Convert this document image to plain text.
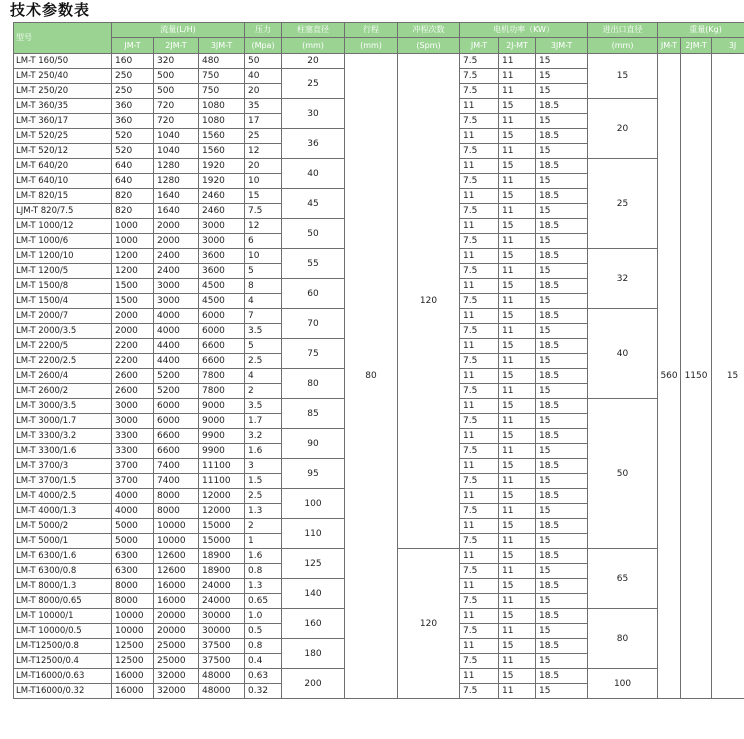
技术参数表
型号	流量(L/H)			压力	柱塞直径	行程	冲程次数	电机功率（KW）			进出口直径	重量(Kg)		
	JM-T	2JM-T	3JM-T	(Mpa)	(mm)	(mm)	(Spm)	JM-T	2J-MT	3JM-T	(mm)	JM-T	2JM-T	3J
LM-T 160/50	160	320	480	50	20	80	120	7.5	11	15	15	560	1150	15
LM-T 250/40	250	500	750	40	25			7.5	11	15				
LM-T 250/20	250	500	750	20				7.5	11	15				
LM-T 360/35	360	720	1080	35	30			11	15	18.5	20			
LM-T 360/17	360	720	1080	17				7.5	11	15				
LM-T 520/25	520	1040	1560	25	36			11	15	18.5				
LM-T 520/12	520	1040	1560	12				7.5	11	15				
LM-T 640/20	640	1280	1920	20	40			11	15	18.5	25			
LM-T 640/10	640	1280	1920	10				7.5	11	15				
LM-T 820/15	820	1640	2460	15	45			11	15	18.5				
LJM-T 820/7.5	820	1640	2460	7.5				7.5	11	15				
LM-T 1000/12	1000	2000	3000	12	50			11	15	18.5				
LM-T 1000/6	1000	2000	3000	6				7.5	11	15				
LM-T 1200/10	1200	2400	3600	10	55			11	15	18.5	32			
LM-T 1200/5	1200	2400	3600	5				7.5	11	15				
LM-T 1500/8	1500	3000	4500	8	60			11	15	18.5				
LM-T 1500/4	1500	3000	4500	4				7.5	11	15				
LM-T 2000/7	2000	4000	6000	7	70			11	15	18.5	40			
LM-T 2000/3.5	2000	4000	6000	3.5				7.5	11	15				
LM-T 2200/5	2200	4400	6600	5	75			11	15	18.5				
LM-T 2200/2.5	2200	4400	6600	2.5				7.5	11	15				
LM-T 2600/4	2600	5200	7800	4	80			11	15	18.5				
LM-T 2600/2	2600	5200	7800	2				7.5	11	15				
LM-T 3000/3.5	3000	6000	9000	3.5	85			11	15	18.5	50			
LM-T 3000/1.7	3000	6000	9000	1.7				7.5	11	15				
LM-T 3300/3.2	3300	6600	9900	3.2	90			11	15	18.5				
LM-T 3300/1.6	3300	6600	9900	1.6				7.5	11	15				
LM-T 3700/3	3700	7400	11100	3	95			11	15	18.5				
LM-T 3700/1.5	3700	7400	11100	1.5				7.5	11	15				
LM-T 4000/2.5	4000	8000	12000	2.5	100			11	15	18.5				
LM-T 4000/1.3	4000	8000	12000	1.3				7.5	11	15				
LM-T 5000/2	5000	10000	15000	2	110			11	15	18.5				
LM-T 5000/1	5000	10000	15000	1				7.5	11	15				
LM-T 6300/1.6	6300	12600	18900	1.6	125		120	11	15	18.5	65			
LM-T 6300/0.8	6300	12600	18900	0.8				7.5	11	15				
LM-T 8000/1.3	8000	16000	24000	1.3	140			11	15	18.5				
LM-T 8000/0.65	8000	16000	24000	0.65				7.5	11	15				
LM-T 10000/1	10000	20000	30000	1.0	160			11	15	18.5	80			
LM-T 10000/0.5	10000	20000	30000	0.5				7.5	11	15				
LM-T12500/0.8	12500	25000	37500	0.8	180			11	15	18.5				
LM-T12500/0.4	12500	25000	37500	0.4				7.5	11	15				
LM-T16000/0.63	16000	32000	48000	0.63	200			11	15	18.5	100			
LM-T16000/0.32	16000	32000	48000	0.32				7.5	11	15				
